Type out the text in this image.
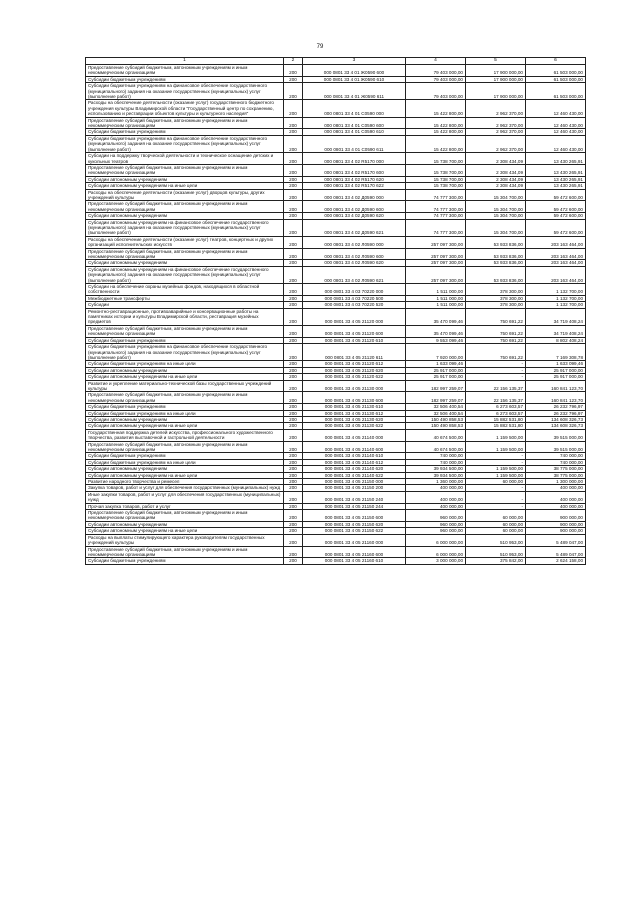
79
1	2	3	4	5	6
Предоставление субсидий бюджетным, автономным учреждениям и иным некоммерческим организациям	200	000 0801 33 4 01 Ж0590 600	79 403 000,00	17 900 000,00	61 503 000,00
Субсидии бюджетным учреждениям	200	000 0801 33 4 01 Ж0590 610	79 403 000,00	17 900 000,00	61 503 000,00
Субсидии бюджетным учреждениям на финансовое обеспечение государственного (муниципального) задания на оказание государственных (муниципальных) услуг (выполнение работ)	200	000 0801 33 4 01 Ж0590 611	79 403 000,00	17 900 000,00	61 503 000,00
Расходы на обеспечение деятельности (оказание услуг) государственного бюджетного учреждения культуры Владимирской области "Государственный центр по сохранению, использованию и реставрации объектов культуры и культурного наследия"	200	000 0801 33 4 01 С0590 000	15 422 800,00	2 962 370,00	12 460 430,00
Предоставление субсидий бюджетным, автономным учреждениям и иным некоммерческим организациям	200	000 0801 33 4 01 С0590 600	15 422 800,00	2 962 370,00	12 460 430,00
Субсидии бюджетным учреждениям	200	000 0801 33 4 01 С0590 610	15 422 800,00	2 962 370,00	12 460 430,00
Субсидии бюджетным учреждениям на финансовое обеспечение государственного (муниципального) задания на оказание государственных (муниципальных) услуг (выполнение работ)	200	000 0801 33 4 01 С0590 611	15 422 800,00	2 962 370,00	12 460 430,00
Субсидии на поддержку творческой деятельности и техническое оснащение детских и кукольных театров	200	000 0801 33 4 02 R5170 000	15 738 700,00	2 308 434,09	13 430 265,91
Предоставление субсидий бюджетным, автономным учреждениям и иным некоммерческим организациям	200	000 0801 33 4 02 R5170 600	15 738 700,00	2 308 434,09	13 430 265,91
Субсидии автономным учреждениям	200	000 0801 33 4 02 R5170 620	15 738 700,00	2 308 434,09	13 430 265,91
Субсидии автономным учреждениям на иные цели	200	000 0801 33 4 02 R5170 622	15 738 700,00	2 308 434,09	13 430 265,91
Расходы на обеспечение деятельности (оказание услуг) дворцов культуры, других учреждений культуры	200	000 0801 33 4 02 Д0590 000	74 777 300,00	15 304 700,00	59 472 600,00
Предоставление субсидий бюджетным, автономным учреждениям и иным некоммерческим организациям	200	000 0801 33 4 02 Д0590 600	74 777 300,00	15 304 700,00	59 472 600,00
Субсидии автономным учреждениям	200	000 0801 33 4 02 Д0590 620	74 777 300,00	15 304 700,00	59 472 600,00
Субсидии автономным учреждениям на финансовое обеспечение государственного (муниципального) задания на оказание государственных (муниципальных) услуг (выполнение работ)	200	000 0801 33 4 02 Д0590 621	74 777 300,00	15 304 700,00	59 472 600,00
Расходы на обеспечение деятельности (оказание услуг) театров, концертных и других организаций исполнительских искусств	200	000 0801 33 4 02 Л0590 000	257 097 300,00	53 933 836,00	203 163 464,00
Предоставление субсидий бюджетным, автономным учреждениям и иным некоммерческим организациям	200	000 0801 33 4 02 Л0590 600	257 097 300,00	53 933 836,00	203 163 464,00
Субсидии автономным учреждениям	200	000 0801 33 4 02 Л0590 620	257 097 300,00	53 933 836,00	203 163 464,00
Субсидии автономным учреждениям на финансовое обеспечение государственного (муниципального) задания на оказание государственных (муниципальных) услуг (выполнение работ)	200	000 0801 33 4 02 Л0590 621	257 097 300,00	53 933 836,00	203 163 464,00
Субсидии на обеспечение охраны музейных фондов, находящихся в областной собственности	200	000 0801 33 4 03 70220 000	1 511 000,00	378 300,00	1 132 700,00
Межбюджетные трансферты	200	000 0801 33 4 03 70220 500	1 511 000,00	378 300,00	1 132 700,00
Субсидии	200	000 0801 33 4 03 70220 520	1 511 000,00	378 300,00	1 132 700,00
Ремонтно-реставрационные, противоаварийные и консервационные работы на памятниках истории и культуры Владимирской области, реставрация музейных предметов	200	000 0801 33 4 05 21120 000	35 470 099,46	750 691,22	34 719 408,24
Предоставление субсидий бюджетным, автономным учреждениям и иным некоммерческим организациям	200	000 0801 33 4 05 21120 600	35 470 099,46	750 691,22	34 719 408,24
Субсидии бюджетным учреждениям	200	000 0801 33 4 05 21120 610	9 553 099,46	750 691,22	8 802 408,24
Субсидии бюджетным учреждениям на финансовое обеспечение государственного (муниципального) задания на оказание государственных (муниципальных) услуг (выполнение работ)	200	000 0801 33 4 05 21120 611	7 920 000,00	750 691,22	7 169 308,78
Субсидии бюджетным учреждениям на иные цели	200	000 0801 33 4 05 21120 612	1 633 099,46	-	1 633 099,46
Субсидии автономным учреждениям	200	000 0801 33 4 05 21120 620	25 917 000,00	-	25 917 000,00
Субсидии автономным учреждениям на иные цели	200	000 0801 33 4 05 21120 622	25 917 000,00	-	25 917 000,00
Развитие и укрепление материально-технической базы государственных учреждений культуры	200	000 0801 33 4 05 21130 000	182 997 259,07	22 156 135,37	160 841 123,70
Предоставление субсидий бюджетным, автономным учреждениям и иным некоммерческим организациям	200	000 0801 33 4 05 21130 600	182 997 259,07	22 156 135,37	160 841 123,70
Субсидии бюджетным учреждениям	200	000 0801 33 4 05 21130 610	32 506 400,54	6 273 603,57	26 232 796,97
Субсидии бюджетным учреждениям на иные цели	200	000 0801 33 4 05 21130 612	32 506 400,54	6 273 603,57	26 232 796,97
Субсидии автономным учреждениям	200	000 0801 33 4 05 21130 620	150 490 858,53	15 882 531,80	134 608 326,73
Субсидии автономным учреждениям на иные цели	200	000 0801 33 4 05 21130 622	150 490 858,53	15 882 531,80	134 608 326,73
Государственная поддержка детелей искусства, профессионального художественного творчества, развития выставочной и гастрольной деятельности	200	000 0801 33 4 05 21140 000	40 674 500,00	1 159 500,00	39 515 000,00
Предоставление субсидий бюджетным, автономным учреждениям и иным некоммерческим организациям	200	000 0801 33 4 05 21140 600	40 674 500,00	1 159 500,00	39 515 000,00
Субсидии бюджетным учреждениям	200	000 0801 33 4 05 21140 610	740 000,00	-	740 000,00
Субсидии бюджетным учреждениям на иные цели	200	000 0801 33 4 05 21140 612	740 000,00	-	740 000,00
Субсидии автономным учреждениям	200	000 0801 33 4 05 21140 620	39 934 500,00	1 159 500,00	38 775 000,00
Субсидии автономным учреждениям на иные цели	200	000 0801 33 4 05 21140 622	39 934 500,00	1 159 500,00	38 775 000,00
Развитие народного творчества и ремесел	200	000 0801 33 4 05 21150 000	1 360 000,00	60 000,00	1 300 000,00
Закупка товаров, работ и услуг для обеспечения государственных (муниципальных) нужд	200	000 0801 33 4 05 21150 200	400 000,00	-	400 000,00
Иные закупки товаров, работ и услуг для обеспечения государственных (муниципальных) нужд	200	000 0801 33 4 05 21150 240	400 000,00	-	400 000,00
Прочая закупка товаров, работ и услуг	200	000 0801 33 4 05 21150 244	400 000,00	-	400 000,00
Предоставление субсидий бюджетным, автономным учреждениям и иным некоммерческим организациям	200	000 0801 33 4 05 21150 600	960 000,00	60 000,00	900 000,00
Субсидии автономным учреждениям	200	000 0801 33 4 05 21150 620	960 000,00	60 000,00	900 000,00
Субсидии автономным учреждениям на иные цели	200	000 0801 33 4 05 21150 622	960 000,00	60 000,00	900 000,00
Расходы на выплаты стимулирующего характера руководителям государственных учреждений культуры	200	000 0801 33 4 05 21160 000	6 000 000,00	510 953,00	5 489 047,00
Предоставление субсидий бюджетным, автономным учреждениям и иным некоммерческим организациям	200	000 0801 33 4 05 21160 600	6 000 000,00	510 953,00	5 489 047,00
Субсидии бюджетным учреждениям	200	000 0801 33 4 05 21160 610	3 000 000,00	375 842,00	2 624 158,00
